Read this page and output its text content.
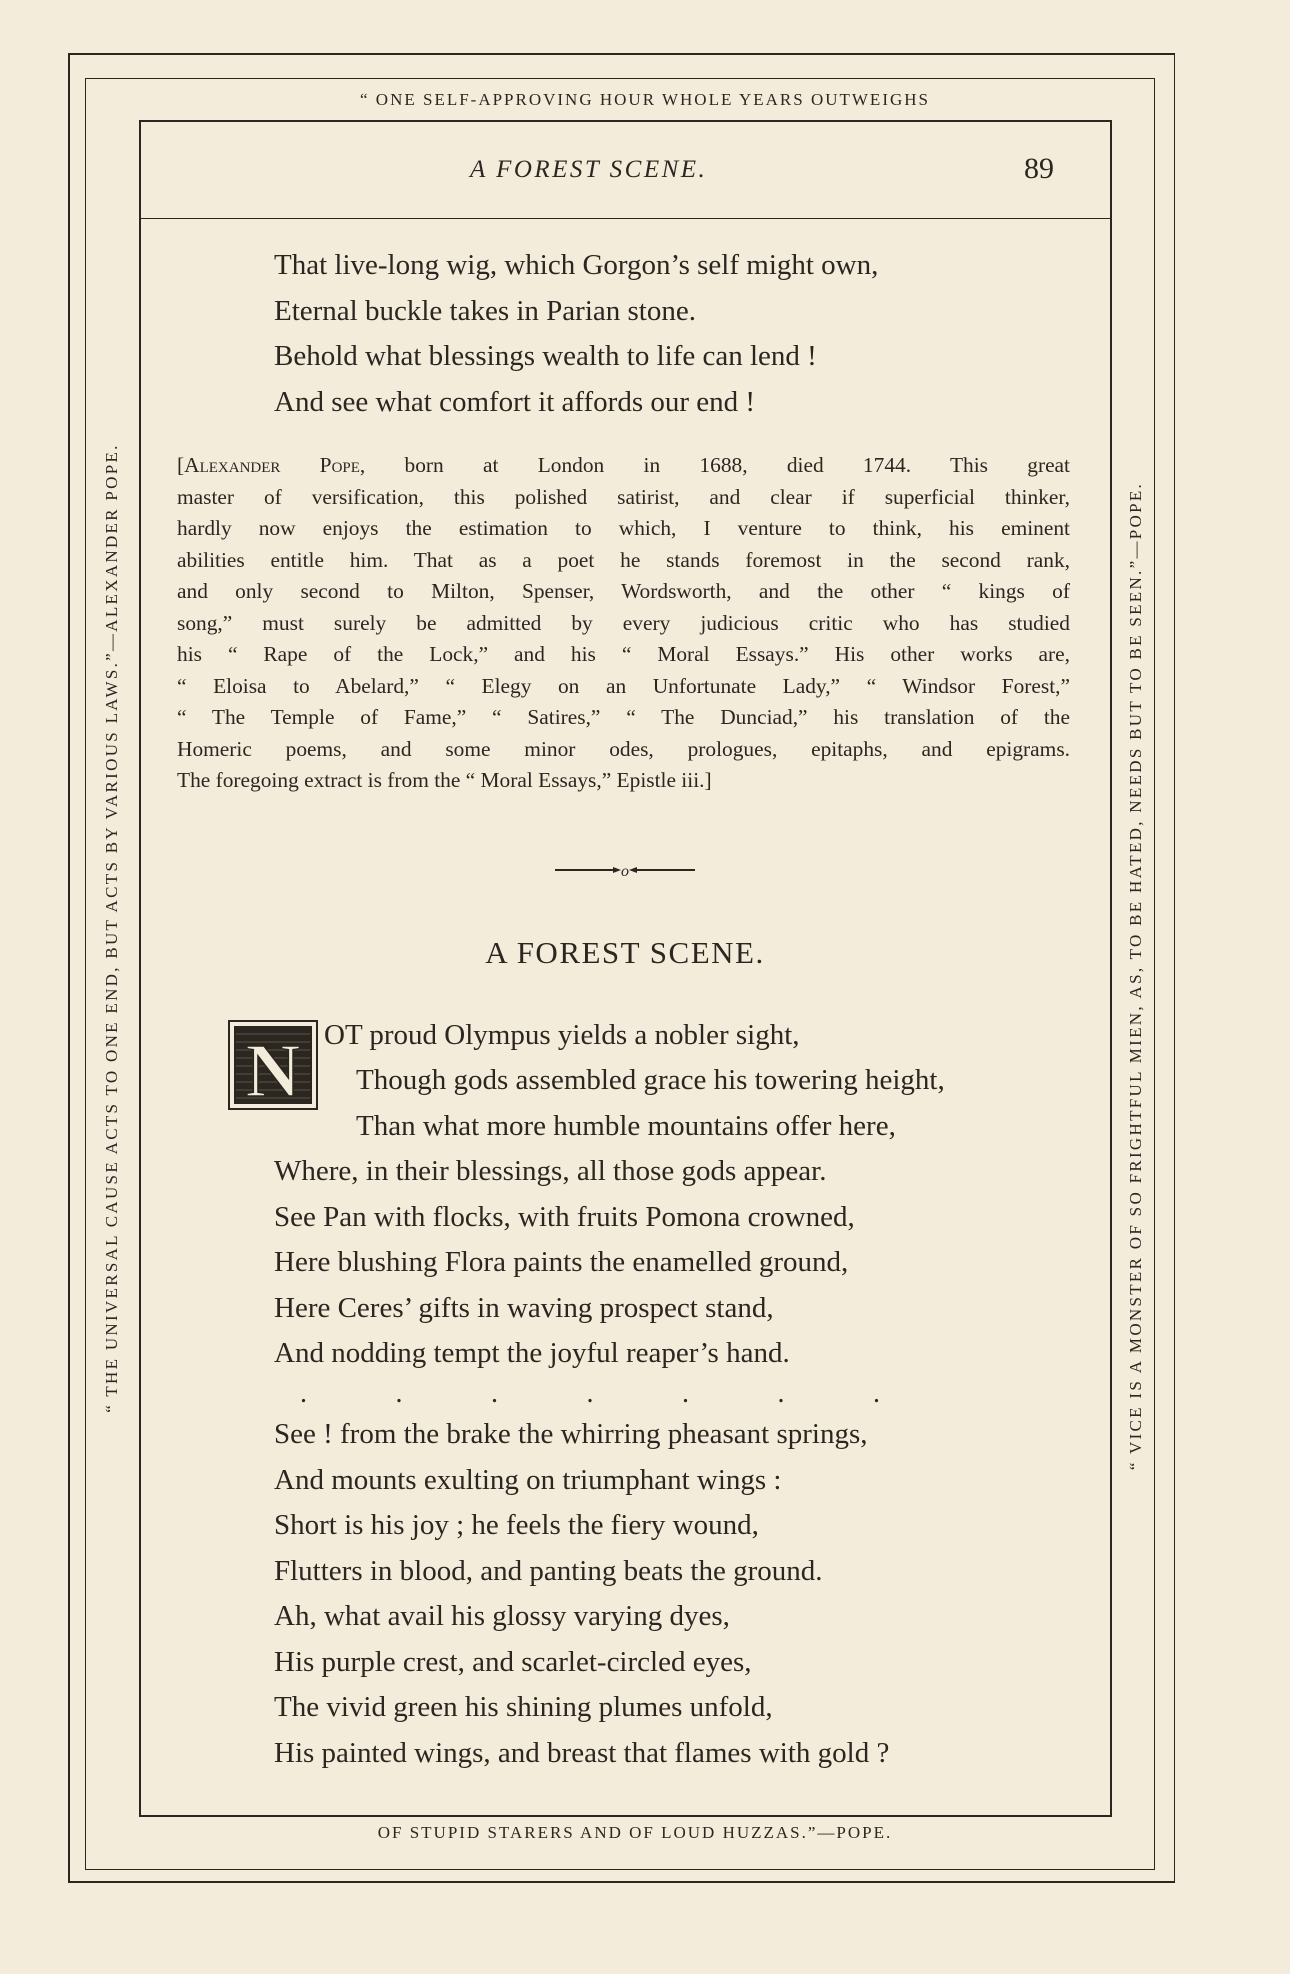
“ ONE SELF-APPROVING HOUR WHOLE YEARS OUTWEIGHS
“ THE UNIVERSAL CAUSE ACTS TO ONE END, BUT ACTS BY VARIOUS LAWS.”—ALEXANDER POPE.	“ VICE IS A MONSTER OF SO FRIGHTFUL MIEN, AS, TO BE HATED, NEEDS BUT TO BE SEEN.”—POPE.
OF STUPID STARERS AND OF LOUD HUZZAS.”—POPE.
A FOREST SCENE.	89
That live-long wig, which Gorgon’s self might own,
Eternal buckle takes in Parian stone.
Behold what blessings wealth to life can lend !
And see what comfort it affords our end !
[Alexander Pope, born at London in 1688, died 1744. This great
master of versification, this polished satirist, and clear if superficial thinker,
hardly now enjoys the estimation to which, I venture to think, his eminent
abilities entitle him. That as a poet he stands foremost in the second rank,
and only second to Milton, Spenser, Wordsworth, and the other “ kings of
song,” must surely be admitted by every judicious critic who has studied
his “ Rape of the Lock,” and his “ Moral Essays.” His other works are,
“ Eloisa to Abelard,” “ Elegy on an Unfortunate Lady,” “ Windsor Forest,”
“ The Temple of Fame,” “ Satires,” “ The Dunciad,” his translation of the
Homeric poems, and some minor odes, prologues, epitaphs, and epigrams.
The foregoing extract is from the “ Moral Essays,” Epistle iii.]
o
A FOREST SCENE.
N OT proud Olympus yields a nobler sight,
Though gods assembled grace his towering height,
Than what more humble mountains offer here,
Where, in their blessings, all those gods appear.
See Pan with flocks, with fruits Pomona crowned,
Here blushing Flora paints the enamelled ground,
Here Ceres’ gifts in waving prospect stand,
And nodding tempt the joyful reaper’s hand.
.	.	.	.	.	.	.
See ! from the brake the whirring pheasant springs,
And mounts exulting on triumphant wings :
Short is his joy ; he feels the fiery wound,
Flutters in blood, and panting beats the ground.
Ah, what avail his glossy varying dyes,
His purple crest, and scarlet-circled eyes,
The vivid green his shining plumes unfold,
His painted wings, and breast that flames with gold ?
